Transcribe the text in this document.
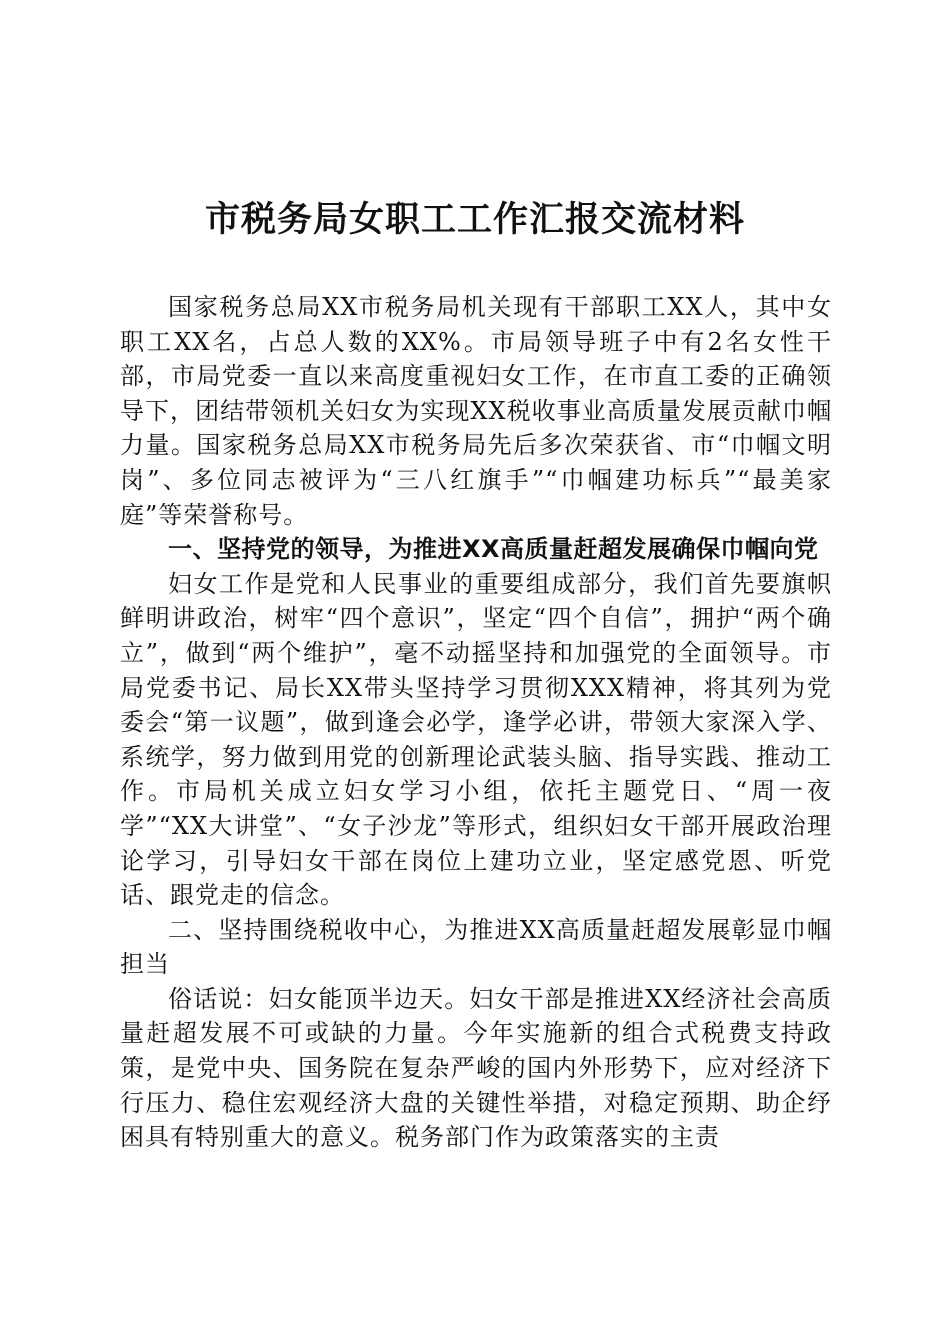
市税务局女职工工作汇报交流材料

国家税务总局XX市税务局机关现有干部职工XX人，其中女职工XX名，占总人数的XX%。市局领导班子中有2名女性干部，市局党委一直以来高度重视妇女工作，在市直工委的正确领导下，团结带领机关妇女为实现XX税收事业高质量发展贡献巾帼力量。国家税务总局XX市税务局先后多次荣获省、市“巾帼文明岗”、多位同志被评为“三八红旗手”“巾帼建功标兵”“最美家庭”等荣誉称号。

一、坚持党的领导，为推进XX高质量赶超发展确保巾帼向党

妇女工作是党和人民事业的重要组成部分，我们首先要旗帜鲜明讲政治，树牢“四个意识”，坚定“四个自信”，拥护“两个确立”，做到“两个维护”，毫不动摇坚持和加强党的全面领导。市局党委书记、局长XX带头坚持学习贯彻XXX精神，将其列为党委会“第一议题”，做到逢会必学，逢学必讲，带领大家深入学、系统学，努力做到用党的创新理论武装头脑、指导实践、推动工作。市局机关成立妇女学习小组，依托主题党日、“周一夜学”“XX大讲堂”、“女子沙龙”等形式，组织妇女干部开展政治理论学习，引导妇女干部在岗位上建功立业，坚定感党恩、听党话、跟党走的信念。

二、坚持围绕税收中心，为推进XX高质量赶超发展彰显巾帼担当

俗话说：妇女能顶半边天。妇女干部是推进XX经济社会高质量赶超发展不可或缺的力量。今年实施新的组合式税费支持政策，是党中央、国务院在复杂严峻的国内外形势下，应对经济下行压力、稳住宏观经济大盘的关键性举措，对稳定预期、助企纾困具有特别重大的意义。税务部门作为政策落实的主责
